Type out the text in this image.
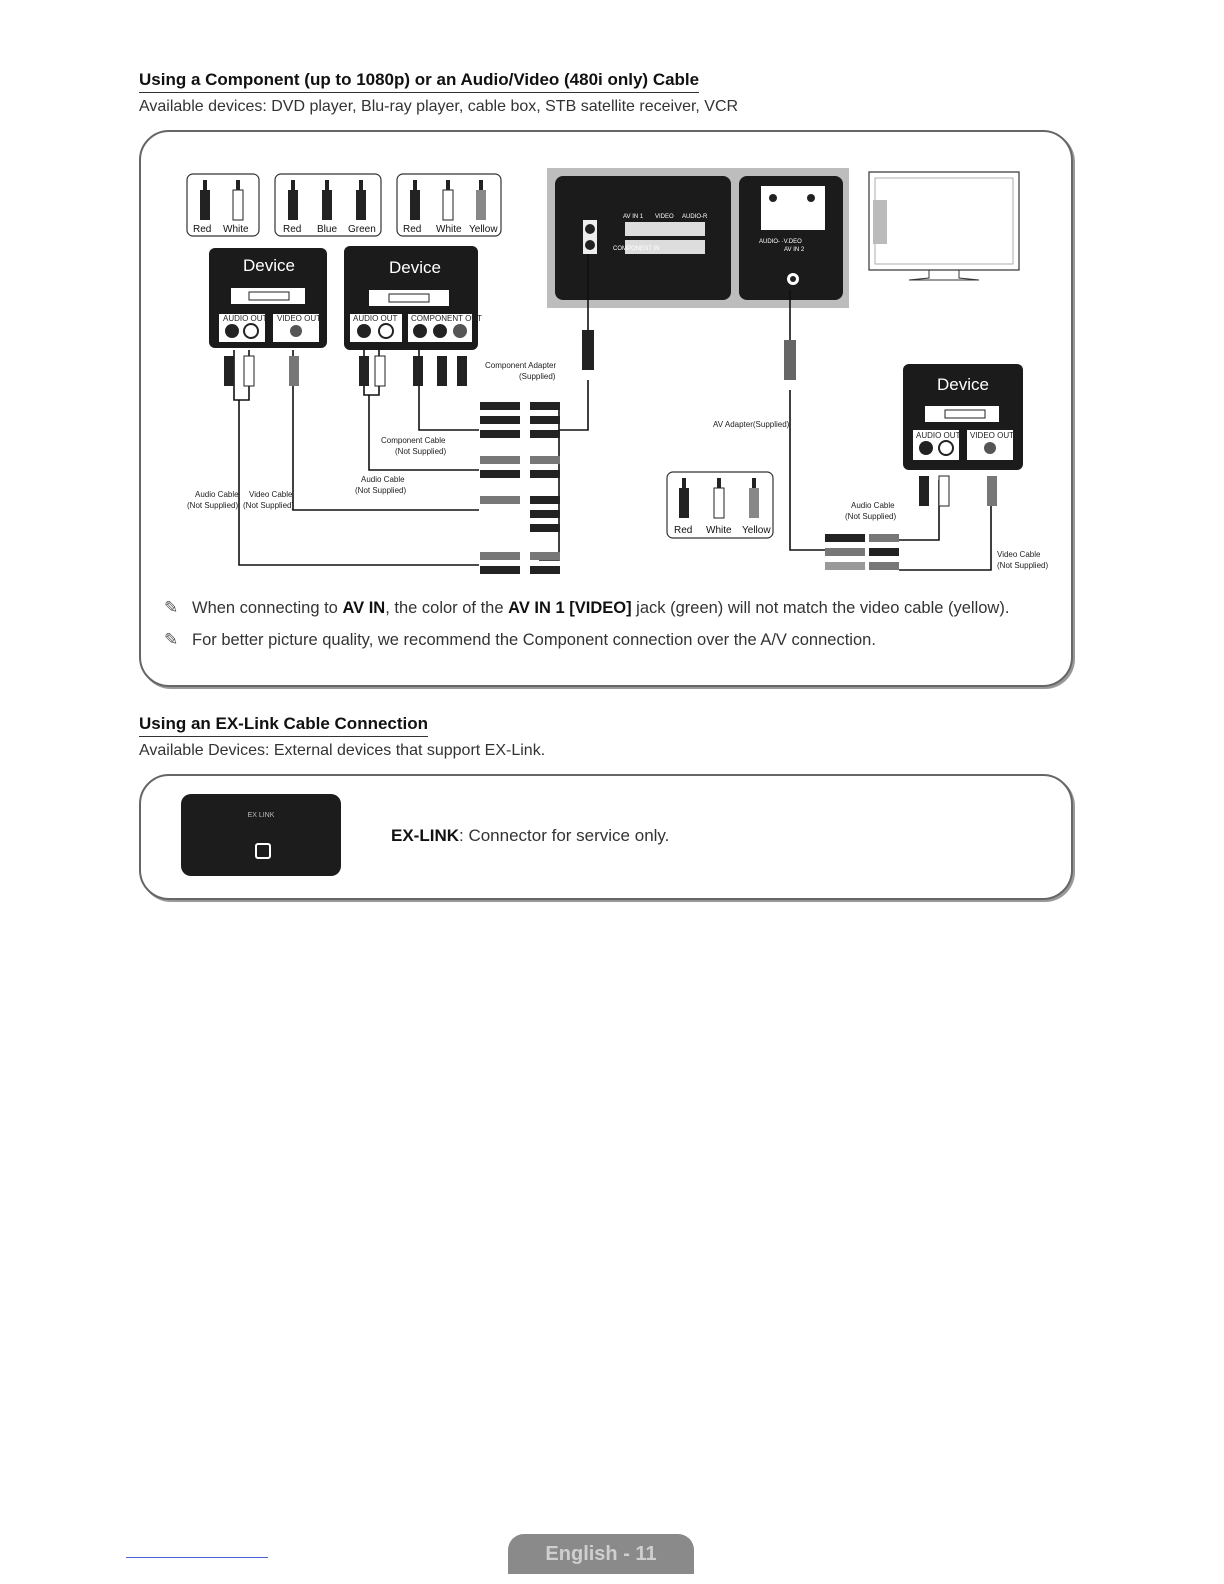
Using a Component (up to 1080p) or an Audio/Video (480i only) Cable
Available devices: DVD player, Blu-ray player, cable box, STB satellite receiver, VCR
Red White	Red Blue Green	Red White Yellow
Device
AUDIO OUT VIDEO OUT
Device
AUDIO OUT COMPONENT OUT
Device
AUDIO OUT VIDEO OUT
AV IN 1 VIDEO AUDIO-R
COMPONENT IN
AUDIO- ·V.DEO
AV IN 2
Red White Yellow
Component Adapter
(Supplied)
Component Cable
(Not Supplied)
Audio Cable
(Not Supplied)
Audio Cable
(Not Supplied)
Video Cable
(Not Supplied)
AV Adapter(Supplied)
Audio Cable
(Not Supplied)
Video Cable
(Not Supplied)
✎ When connecting to AV IN, the color of the AV IN 1 [VIDEO] jack (green) will not match the video cable (yellow).
✎ For better picture quality, we recommend the Component connection over the A/V connection.
Using an EX-Link Cable Connection
Available Devices: External devices that support EX-Link.
EX LINK
EX-LINK: Connector for service only.
English - 11
